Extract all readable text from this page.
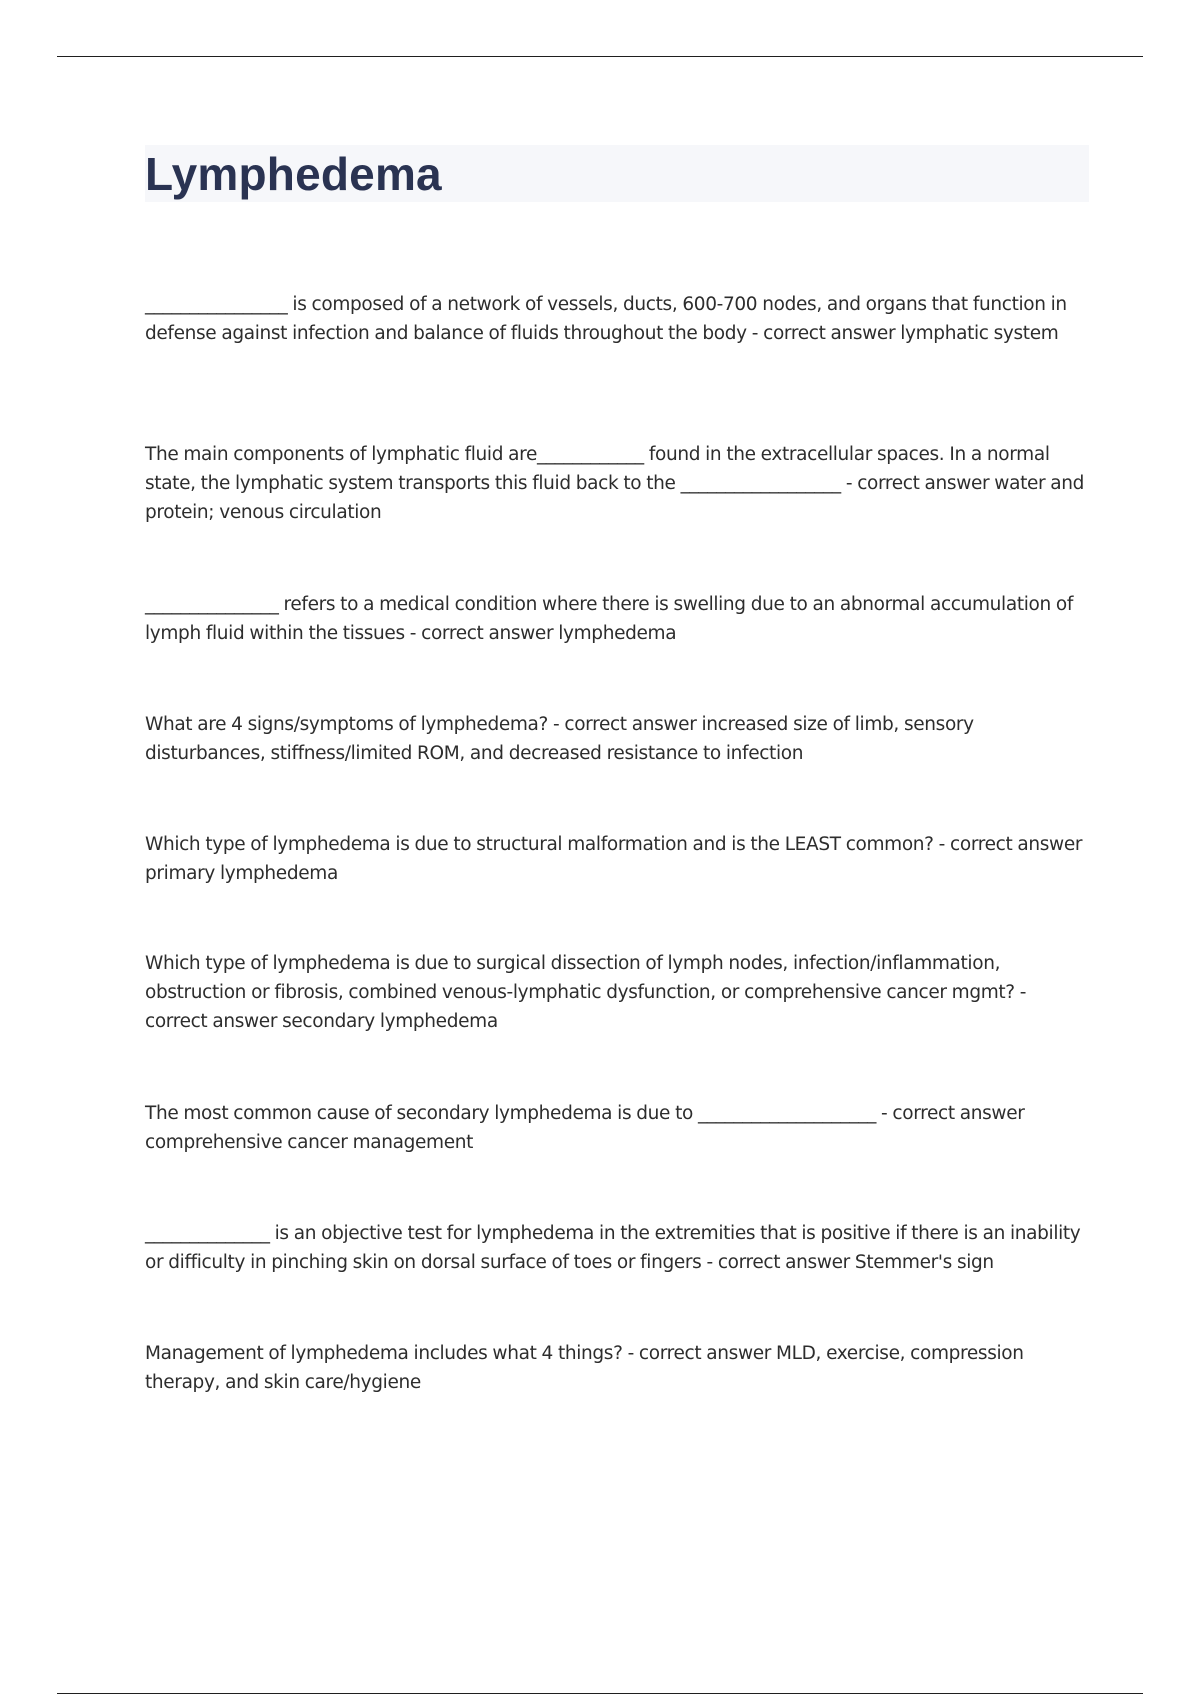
Lymphedema

________________ is composed of a network of vessels, ducts, 600-700 nodes, and organs that function in defense against infection and balance of fluids throughout the body - correct answer lymphatic system

The main components of lymphatic fluid are____________ found in the extracellular spaces. In a normal state, the lymphatic system transports this fluid back to the __________________ - correct answer water and protein; venous circulation

_______________ refers to a medical condition where there is swelling due to an abnormal accumulation of lymph fluid within the tissues - correct answer lymphedema

What are 4 signs/symptoms of lymphedema? - correct answer increased size of limb, sensory disturbances, stiffness/limited ROM, and decreased resistance to infection

Which type of lymphedema is due to structural malformation and is the LEAST common? - correct answer primary lymphedema

Which type of lymphedema is due to surgical dissection of lymph nodes, infection/inflammation, obstruction or fibrosis, combined venous-lymphatic dysfunction, or comprehensive cancer mgmt? - correct answer secondary lymphedema

The most common cause of secondary lymphedema is due to ____________________ - correct answer comprehensive cancer management

______________ is an objective test for lymphedema in the extremities that is positive if there is an inability or difficulty in pinching skin on dorsal surface of toes or fingers - correct answer Stemmer's sign

Management of lymphedema includes what 4 things? - correct answer MLD, exercise, compression therapy, and skin care/hygiene
